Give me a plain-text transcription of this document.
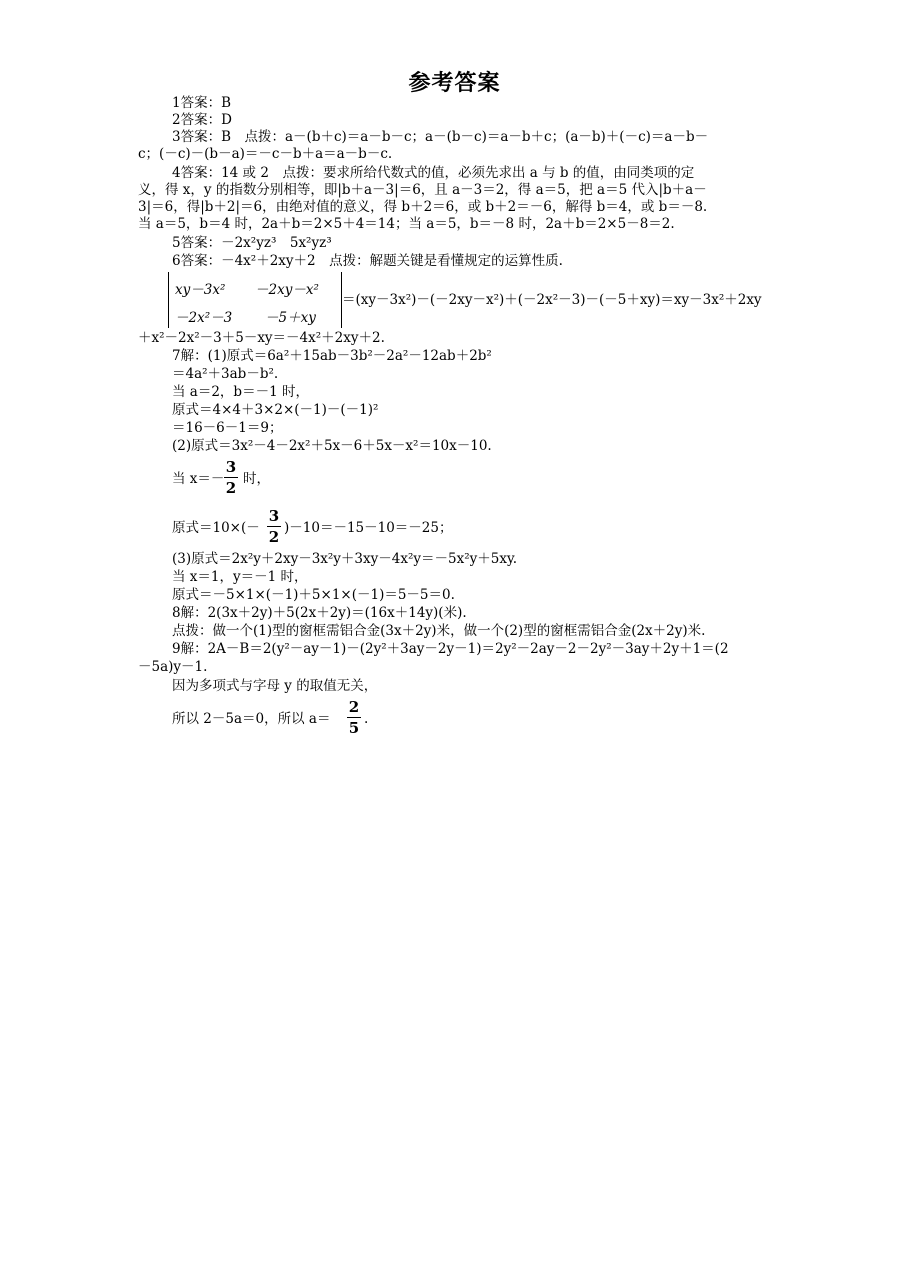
参考答案
1答案：B
2答案：D
3答案：B　点拨：a－(b＋c)＝a－b－c；a－(b－c)＝a－b＋c；(a－b)＋(－c)＝a－b－
c；(－c)－(b－a)＝－c－b＋a＝a－b－c.
4答案：14 或 2　点拨：要求所给代数式的值，必须先求出 a 与 b 的值，由同类项的定
义，得 x，y 的指数分别相等，即|b＋a－3|＝6，且 a－3＝2，得 a＝5，把 a＝5 代入|b＋a－
3|＝6，得|b＋2|＝6，由绝对值的意义，得 b＋2＝6，或 b＋2＝－6，解得 b＝4，或 b＝－8.
当 a＝5，b＝4 时，2a＋b＝2×5＋4＝14；当 a＝5，b＝－8 时，2a＋b＝2×5－8＝2.
5答案：－2x²yz³　5x²yz³
6答案：－4x²＋2xy＋2　点拨：解题关键是看懂规定的运算性质.
xy－3x² －2xy－x²
－2x²－3 －5＋xy
＝(xy－3x²)－(－2xy－x²)＋(－2x²－3)－(－5＋xy)＝xy－3x²＋2xy
＋x²－2x²－3＋5－xy＝－4x²＋2xy＋2.
7解：(1)原式＝6a²＋15ab－3b²－2a²－12ab＋2b²
＝4a²＋3ab－b².
当 a＝2，b＝－1 时，
原式＝4×4＋3×2×(－1)－(－1)²
＝16－6－1＝9；
(2)原式＝3x²－4－2x²＋5x－6＋5x－x²＝10x－10.
当 x＝－
3
2 时，
原式＝10×(－
3
2 )－10＝－15－10＝－25；
(3)原式＝2x²y＋2xy－3x²y＋3xy－4x²y＝－5x²y＋5xy.
当 x＝1，y＝－1 时，
原式＝－5×1×(－1)＋5×1×(－1)＝5－5＝0.
8解：2(3x＋2y)＋5(2x＋2y)＝(16x＋14y)(米).
点拨：做一个(1)型的窗框需铝合金(3x＋2y)米，做一个(2)型的窗框需铝合金(2x＋2y)米.
9解：2A－B＝2(y²－ay－1)－(2y²＋3ay－2y－1)＝2y²－2ay－2－2y²－3ay＋2y＋1＝(2
－5a)y－1.
因为多项式与字母 y 的取值无关，
所以 2－5a＝0，所以 a＝
2
5 .
